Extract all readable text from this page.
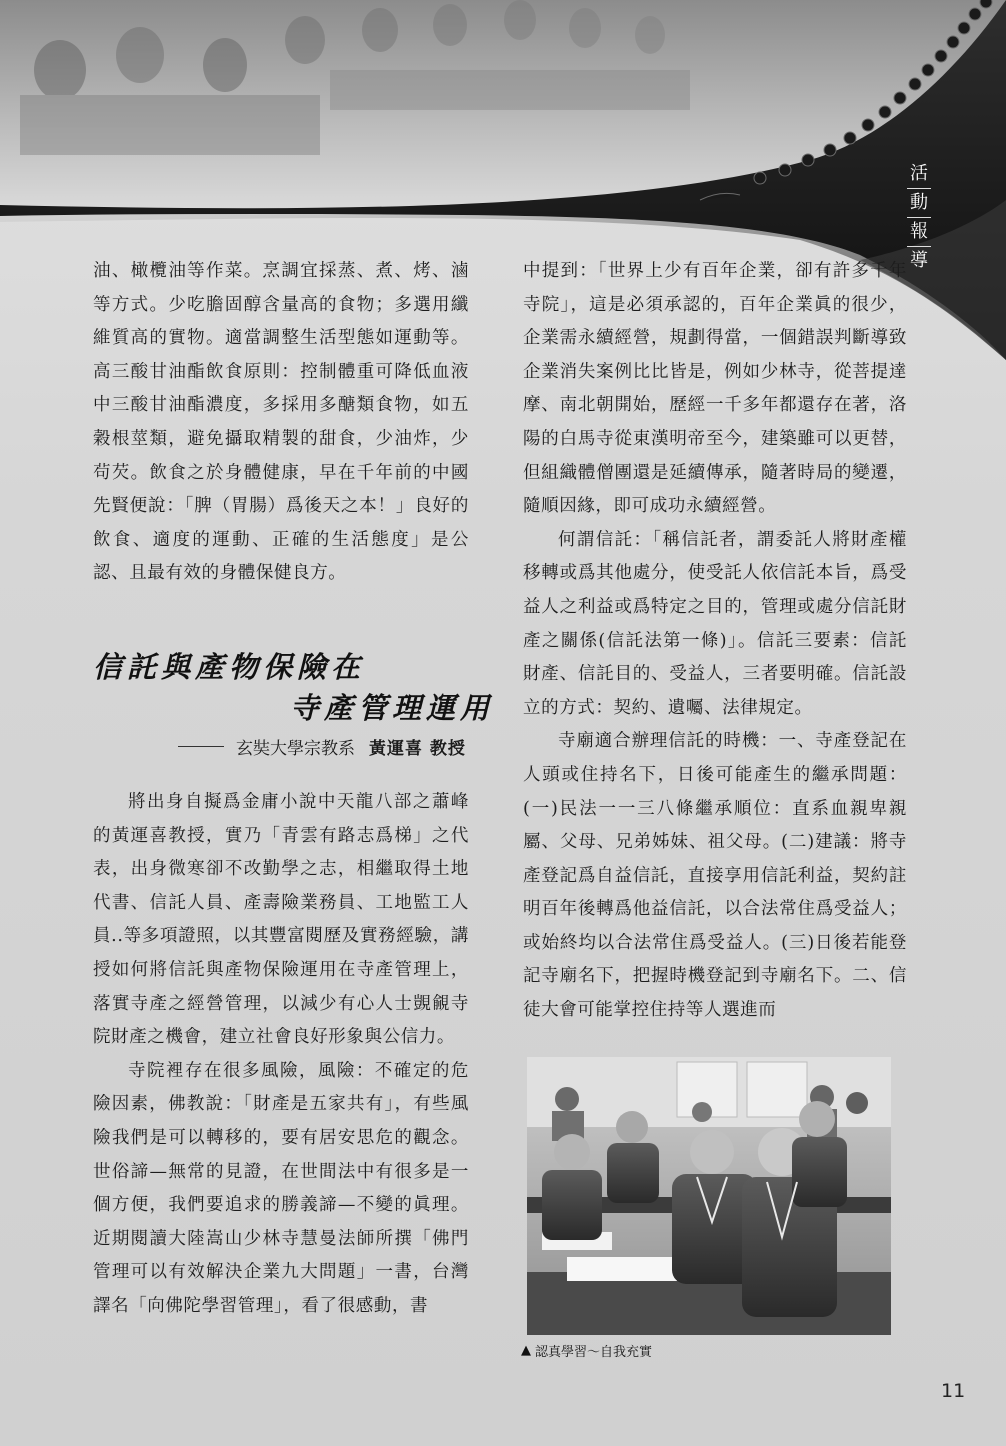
活
動
報
導

油、橄欖油等作菜。烹調宜採蒸、煮、烤、滷等方式。少吃膽固醇含量高的食物；多選用纖維質高的實物。適當調整生活型態如運動等。高三酸甘油酯飲食原則：控制體重可降低血液中三酸甘油酯濃度，多採用多醣類食物，如五穀根莖類，避免攝取精製的甜食，少油炸，少茍芡。飲食之於身體健康，早在千年前的中國先賢便說：「脾（胃腸）爲後天之本！」良好的飲食、適度的運動、正確的生活態度」是公認、且最有效的身體保健良方。

信託與產物保險在
寺產管理運用
玄奘大學宗教系 黃運喜 教授

將出身自擬爲金庸小說中天龍八部之蕭峰的黃運喜教授，實乃「青雲有路志爲梯」之代表，出身微寒卻不改勤學之志，相繼取得土地代書、信託人員、產壽險業務員、工地監工人員..等多項證照，以其豐富閱歷及實務經驗，講授如何將信託與產物保險運用在寺產管理上，落實寺產之經營管理，以減少有心人士覬覦寺院財產之機會，建立社會良好形象與公信力。

寺院裡存在很多風險，風險：不確定的危險因素，佛教說：「財產是五家共有」，有些風險我們是可以轉移的，要有居安思危的觀念。世俗諦—無常的見證，在世間法中有很多是一個方便，我們要追求的勝義諦—不變的眞理。近期閱讀大陸嵩山少林寺慧曼法師所撰「佛門管理可以有效解決企業九大問題」一書，台灣譯名「向佛陀學習管理」，看了很感動，書

中提到：「世界上少有百年企業，卻有許多千年寺院」，這是必須承認的，百年企業眞的很少，企業需永續經營，規劃得當，一個錯誤判斷導致企業消失案例比比皆是，例如少林寺，從菩提達摩、南北朝開始，歷經一千多年都還存在著，洛陽的白馬寺從東漢明帝至今，建築雖可以更替，但組織體僧團還是延續傳承，隨著時局的變遷，隨順因緣，即可成功永續經營。

何謂信託：「稱信託者，謂委託人將財產權移轉或爲其他處分，使受託人依信託本旨，爲受益人之利益或爲特定之目的，管理或處分信託財產之關係(信託法第一條)」。信託三要素：信託財產、信託目的、受益人，三者要明確。信託設立的方式：契約、遺囑、法律規定。

寺廟適合辦理信託的時機：一、寺產登記在人頭或住持名下，日後可能產生的繼承問題：(一)民法一一三八條繼承順位：直系血親卑親屬、父母、兄弟姊妹、祖父母。(二)建議：將寺產登記爲自益信託，直接享用信託利益，契約註明百年後轉爲他益信託，以合法常住爲受益人；或始終均以合法常住爲受益人。(三)日後若能登記寺廟名下，把握時機登記到寺廟名下。二、信徒大會可能掌控住持等人選進而

▲ 認真學習～自我充實
11
